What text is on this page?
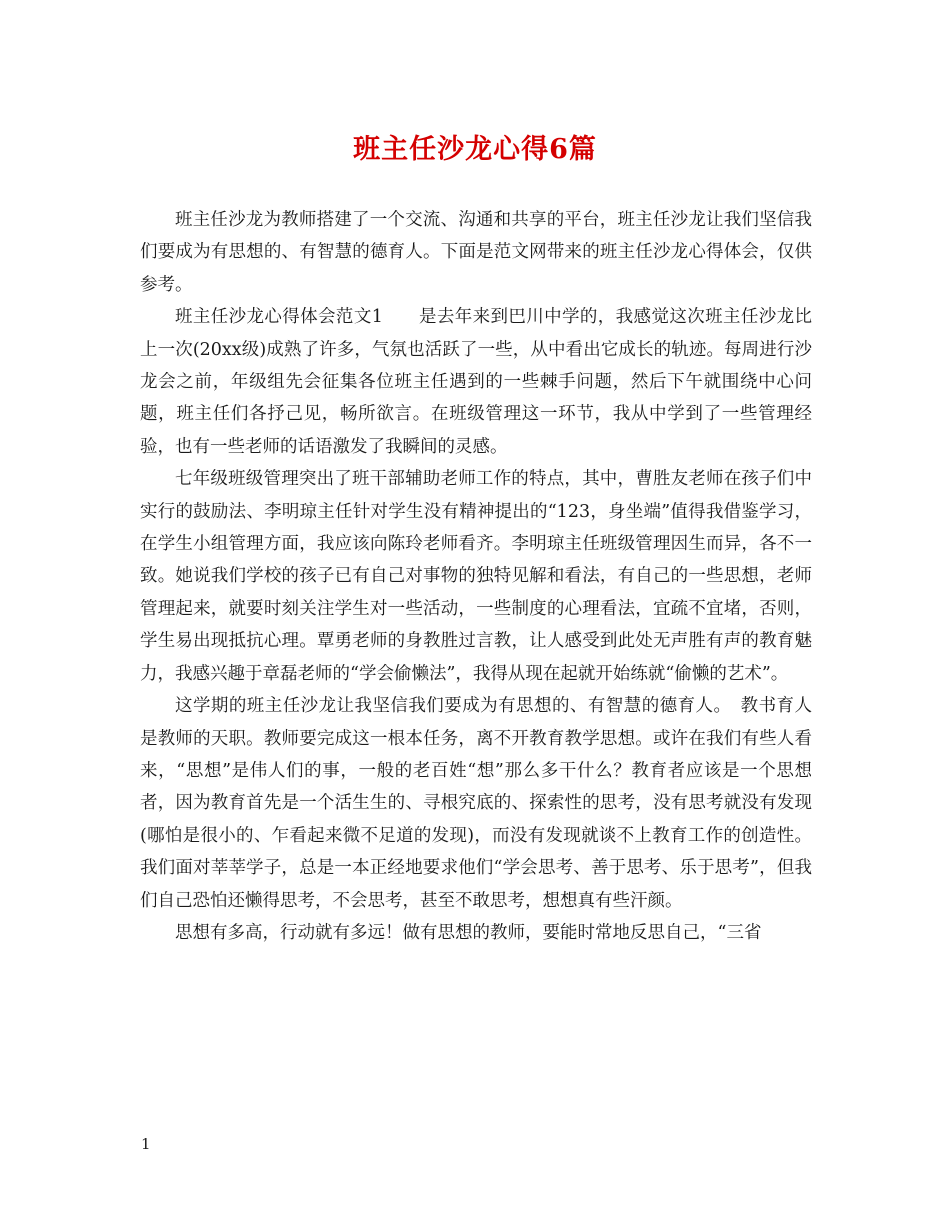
班主任沙龙心得6篇

班主任沙龙为教师搭建了一个交流、沟通和共享的平台，班主任沙龙让我们坚信我们要成为有思想的、有智慧的德育人。下面是范文网带来的班主任沙龙心得体会，仅供参考。

班主任沙龙心得体会范文1　　是去年来到巴川中学的，我感觉这次班主任沙龙比上一次(20xx级)成熟了许多，气氛也活跃了一些，从中看出它成长的轨迹。每周进行沙龙会之前，年级组先会征集各位班主任遇到的一些棘手问题，然后下午就围绕中心问题，班主任们各抒己见，畅所欲言。在班级管理这一环节，我从中学到了一些管理经验，也有一些老师的话语激发了我瞬间的灵感。

七年级班级管理突出了班干部辅助老师工作的特点，其中，曹胜友老师在孩子们中实行的鼓励法、李明琼主任针对学生没有精神提出的“123，身坐端”值得我借鉴学习，在学生小组管理方面，我应该向陈玲老师看齐。李明琼主任班级管理因生而异，各不一致。她说我们学校的孩子已有自己对事物的独特见解和看法，有自己的一些思想，老师管理起来，就要时刻关注学生对一些活动，一些制度的心理看法，宜疏不宜堵，否则，学生易出现抵抗心理。覃勇老师的身教胜过言教，让人感受到此处无声胜有声的教育魅力，我感兴趣于章磊老师的“学会偷懒法”，我得从现在起就开始练就“偷懒的艺术”。

这学期的班主任沙龙让我坚信我们要成为有思想的、有智慧的德育人。　教书育人是教师的天职。教师要完成这一根本任务，离不开教育教学思想。或许在我们有些人看来，“思想”是伟人们的事，一般的老百姓“想”那么多干什么？教育者应该是一个思想者，因为教育首先是一个活生生的、寻根究底的、探索性的思考，没有思考就没有发现(哪怕是很小的、乍看起来微不足道的发现)，而没有发现就谈不上教育工作的创造性。我们面对莘莘学子，总是一本正经地要求他们“学会思考、善于思考、乐于思考”，但我们自己恐怕还懒得思考，不会思考，甚至不敢思考，想想真有些汗颜。

思想有多高，行动就有多远！做有思想的教师，要能时常地反思自己，“三省

1
